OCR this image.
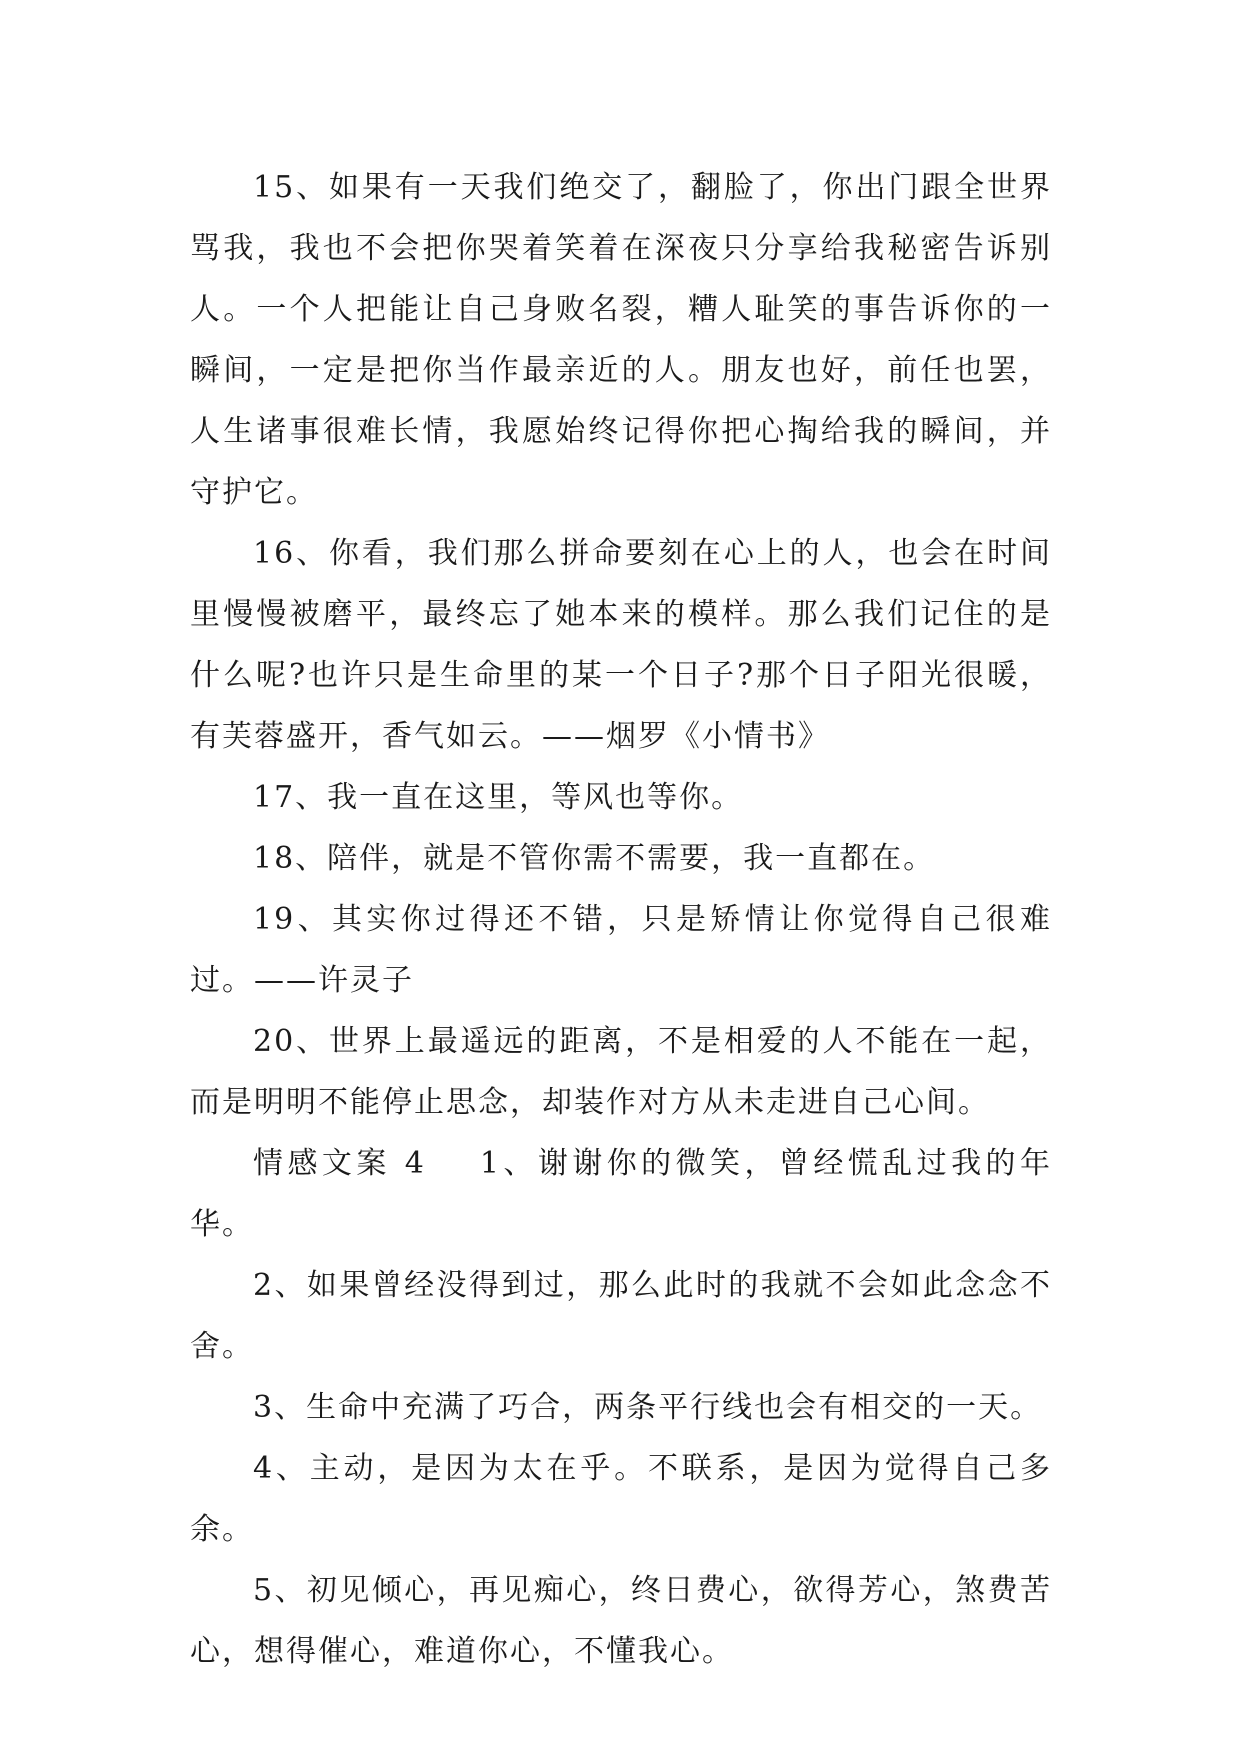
15、如果有一天我们绝交了，翻脸了，你出门跟全世界骂我，我也不会把你哭着笑着在深夜只分享给我秘密告诉别人。一个人把能让自己身败名裂，糟人耻笑的事告诉你的一瞬间，一定是把你当作最亲近的人。朋友也好，前任也罢，人生诸事很难长情，我愿始终记得你把心掏给我的瞬间，并守护它。

16、你看，我们那么拼命要刻在心上的人，也会在时间里慢慢被磨平，最终忘了她本来的模样。那么我们记住的是什么呢?也许只是生命里的某一个日子?那个日子阳光很暖，有芙蓉盛开，香气如云。——烟罗《小情书》

17、我一直在这里，等风也等你。

18、陪伴，就是不管你需不需要，我一直都在。

19、其实你过得还不错，只是矫情让你觉得自己很难过。——许灵子

20、世界上最遥远的距离，不是相爱的人不能在一起，而是明明不能停止思念，却装作对方从未走进自己心间。

情感文案 4 1、谢谢你的微笑，曾经慌乱过我的年华。

2、如果曾经没得到过，那么此时的我就不会如此念念不舍。

3、生命中充满了巧合，两条平行线也会有相交的一天。

4、主动，是因为太在乎。不联系，是因为觉得自己多余。

5、初见倾心，再见痴心，终日费心，欲得芳心，煞费苦心，想得催心，难道你心，不懂我心。
